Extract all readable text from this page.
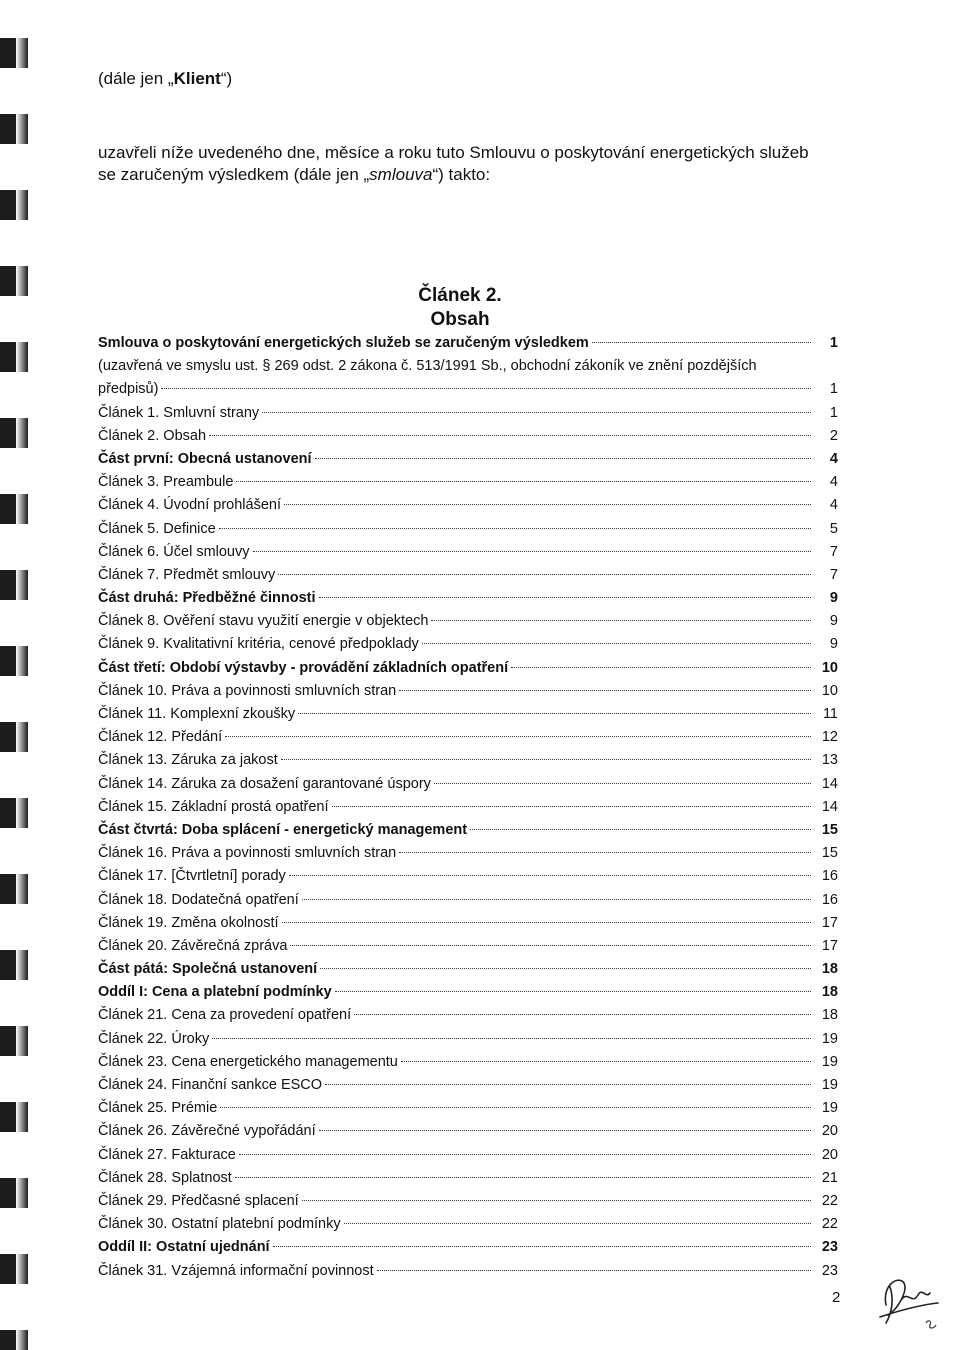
(dále jen „Klient“)
uzavřeli níže uvedeného dne, měsíce a roku tuto Smlouvu o poskytování energetických služeb
se zaručeným výsledkem (dále jen „smlouva“) takto:
Článek 2.
Obsah
Smlouva o poskytování energetických služeb se zaručeným výsledkem	1
(uzavřená ve smyslu ust. § 269 odst. 2 zákona č. 513/1991 Sb., obchodní zákoník ve znění pozdějších
předpisů)	1
Článek 1. Smluvní strany	1
Článek 2. Obsah	2
Část první: Obecná ustanovení	4
Článek 3. Preambule	4
Článek 4. Úvodní prohlášení	4
Článek 5. Definice	5
Článek 6. Účel smlouvy	7
Článek 7. Předmět smlouvy	7
Část druhá: Předběžné činnosti	9
Článek 8. Ověření stavu využití energie v objektech	9
Článek 9. Kvalitativní kritéria, cenové předpoklady	9
Část třetí: Období výstavby - provádění základních opatření	10
Článek 10. Práva a povinnosti smluvních stran	10
Článek 11. Komplexní zkoušky	11
Článek 12. Předání	12
Článek 13. Záruka za jakost	13
Článek 14. Záruka za dosažení garantované úspory	14
Článek 15. Základní prostá opatření	14
Část čtvrtá: Doba splácení - energetický management	15
Článek 16. Práva a povinnosti smluvních stran	15
Článek 17. [Čtvrtletní] porady	16
Článek 18. Dodatečná opatření	16
Článek 19. Změna okolností	17
Článek 20. Závěrečná zpráva	17
Část pátá: Společná ustanovení	18
Oddíl I: Cena a platební podmínky	18
Článek 21. Cena za provedení opatření	18
Článek 22. Úroky	19
Článek 23. Cena energetického managementu	19
Článek 24. Finanční sankce ESCO	19
Článek 25. Prémie	19
Článek 26. Závěrečné vypořádání	20
Článek 27. Fakturace	20
Článek 28. Splatnost	21
Článek 29. Předčasné splacení	22
Článek 30. Ostatní platební podmínky	22
Oddíl II: Ostatní ujednání	23
Článek 31. Vzájemná informační povinnost	23
2
